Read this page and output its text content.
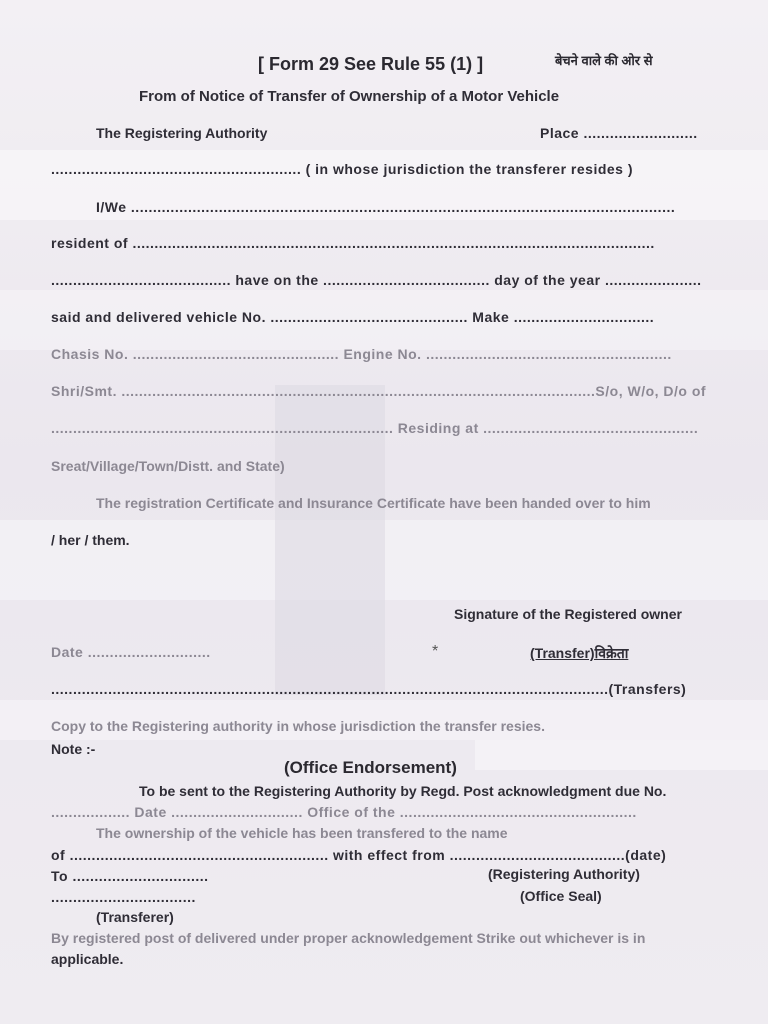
[ Form 29 See Rule 55 (1) ]	बेचने वाले की ओर से
From of Notice of Transfer of Ownership of a Motor Vehicle
The Registering Authority	Place ..........................
......................................................... ( in whose jurisdiction the transferer resides )
I/We ............................................................................................................................
resident of .......................................................................................................................
......................................... have on the ...................................... day of the year ......................
said and delivered vehicle No. ............................................. Make ................................
Chasis No. ............................................... Engine No. ........................................................
Shri/Smt. ............................................................................................................S/o, W/o, D/o of
.............................................................................. Residing at .................................................
Sreat/Village/Town/Distt. and State)
The registration Certificate and Insurance Certificate have been handed over to him
/ her / them.
Signature of the Registered owner
Date ............................	*	(Transfer)विक्रेता
...............................................................................................................................(Transfers)
Copy to the Registering authority in whose jurisdiction the transfer resies.
Note :-
(Office Endorsement)
To be sent to the Registering Authority by Regd. Post acknowledgment due No.
.................. Date .............................. Office of the ......................................................
The ownership of the vehicle has been transfered to the name
of ........................................................... with effect from ........................................(date)
To ...............................	(Registering Authority)
.................................	(Office Seal)
(Transferer)
By registered post of delivered under proper acknowledgement Strike out whichever is in
applicable.
